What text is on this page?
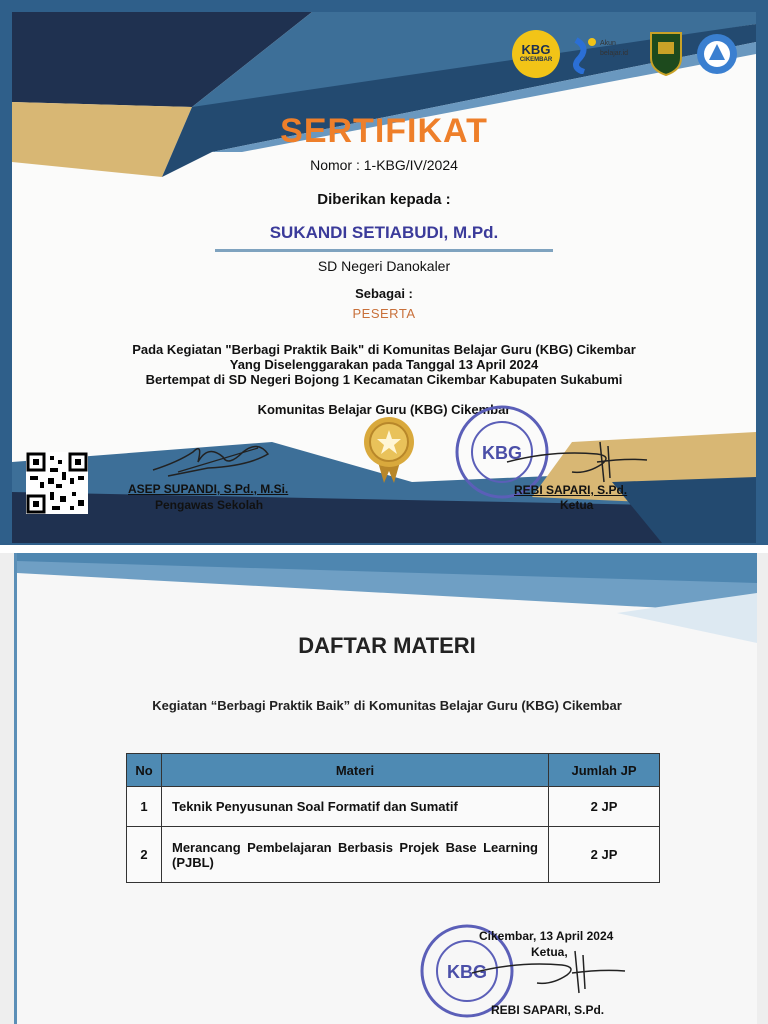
KBG
CIKEMBAR
Akun
belajar.id
SERTIFIKAT
Nomor : 1-KBG/IV/2024
Diberikan kepada :
SUKANDI SETIABUDI, M.Pd.
SD Negeri Danokaler
Sebagai :
PESERTA
Pada Kegiatan "Berbagi Praktik Baik" di Komunitas Belajar Guru (KBG) Cikembar
Yang Diselenggarakan pada Tanggal 13 April 2024
Bertempat di SD Negeri Bojong 1 Kecamatan Cikembar Kabupaten Sukabumi
Komunitas Belajar Guru (KBG) Cikembar
ASEP SUPANDI, S.Pd., M.Si.
Pengawas Sekolah
KBG
REBI SAPARI, S.Pd.
Ketua
DAFTAR MATERI
Kegiatan “Berbagi Praktik Baik” di Komunitas Belajar Guru (KBG) Cikembar
No	Materi	Jumlah JP
1	Teknik Penyusunan Soal Formatif dan Sumatif	2 JP
2	Merancang Pembelajaran Berbasis Projek Base Learning (PJBL)	2 JP
KBG
Cikembar, 13 April 2024
Ketua,
REBI SAPARI, S.Pd.
